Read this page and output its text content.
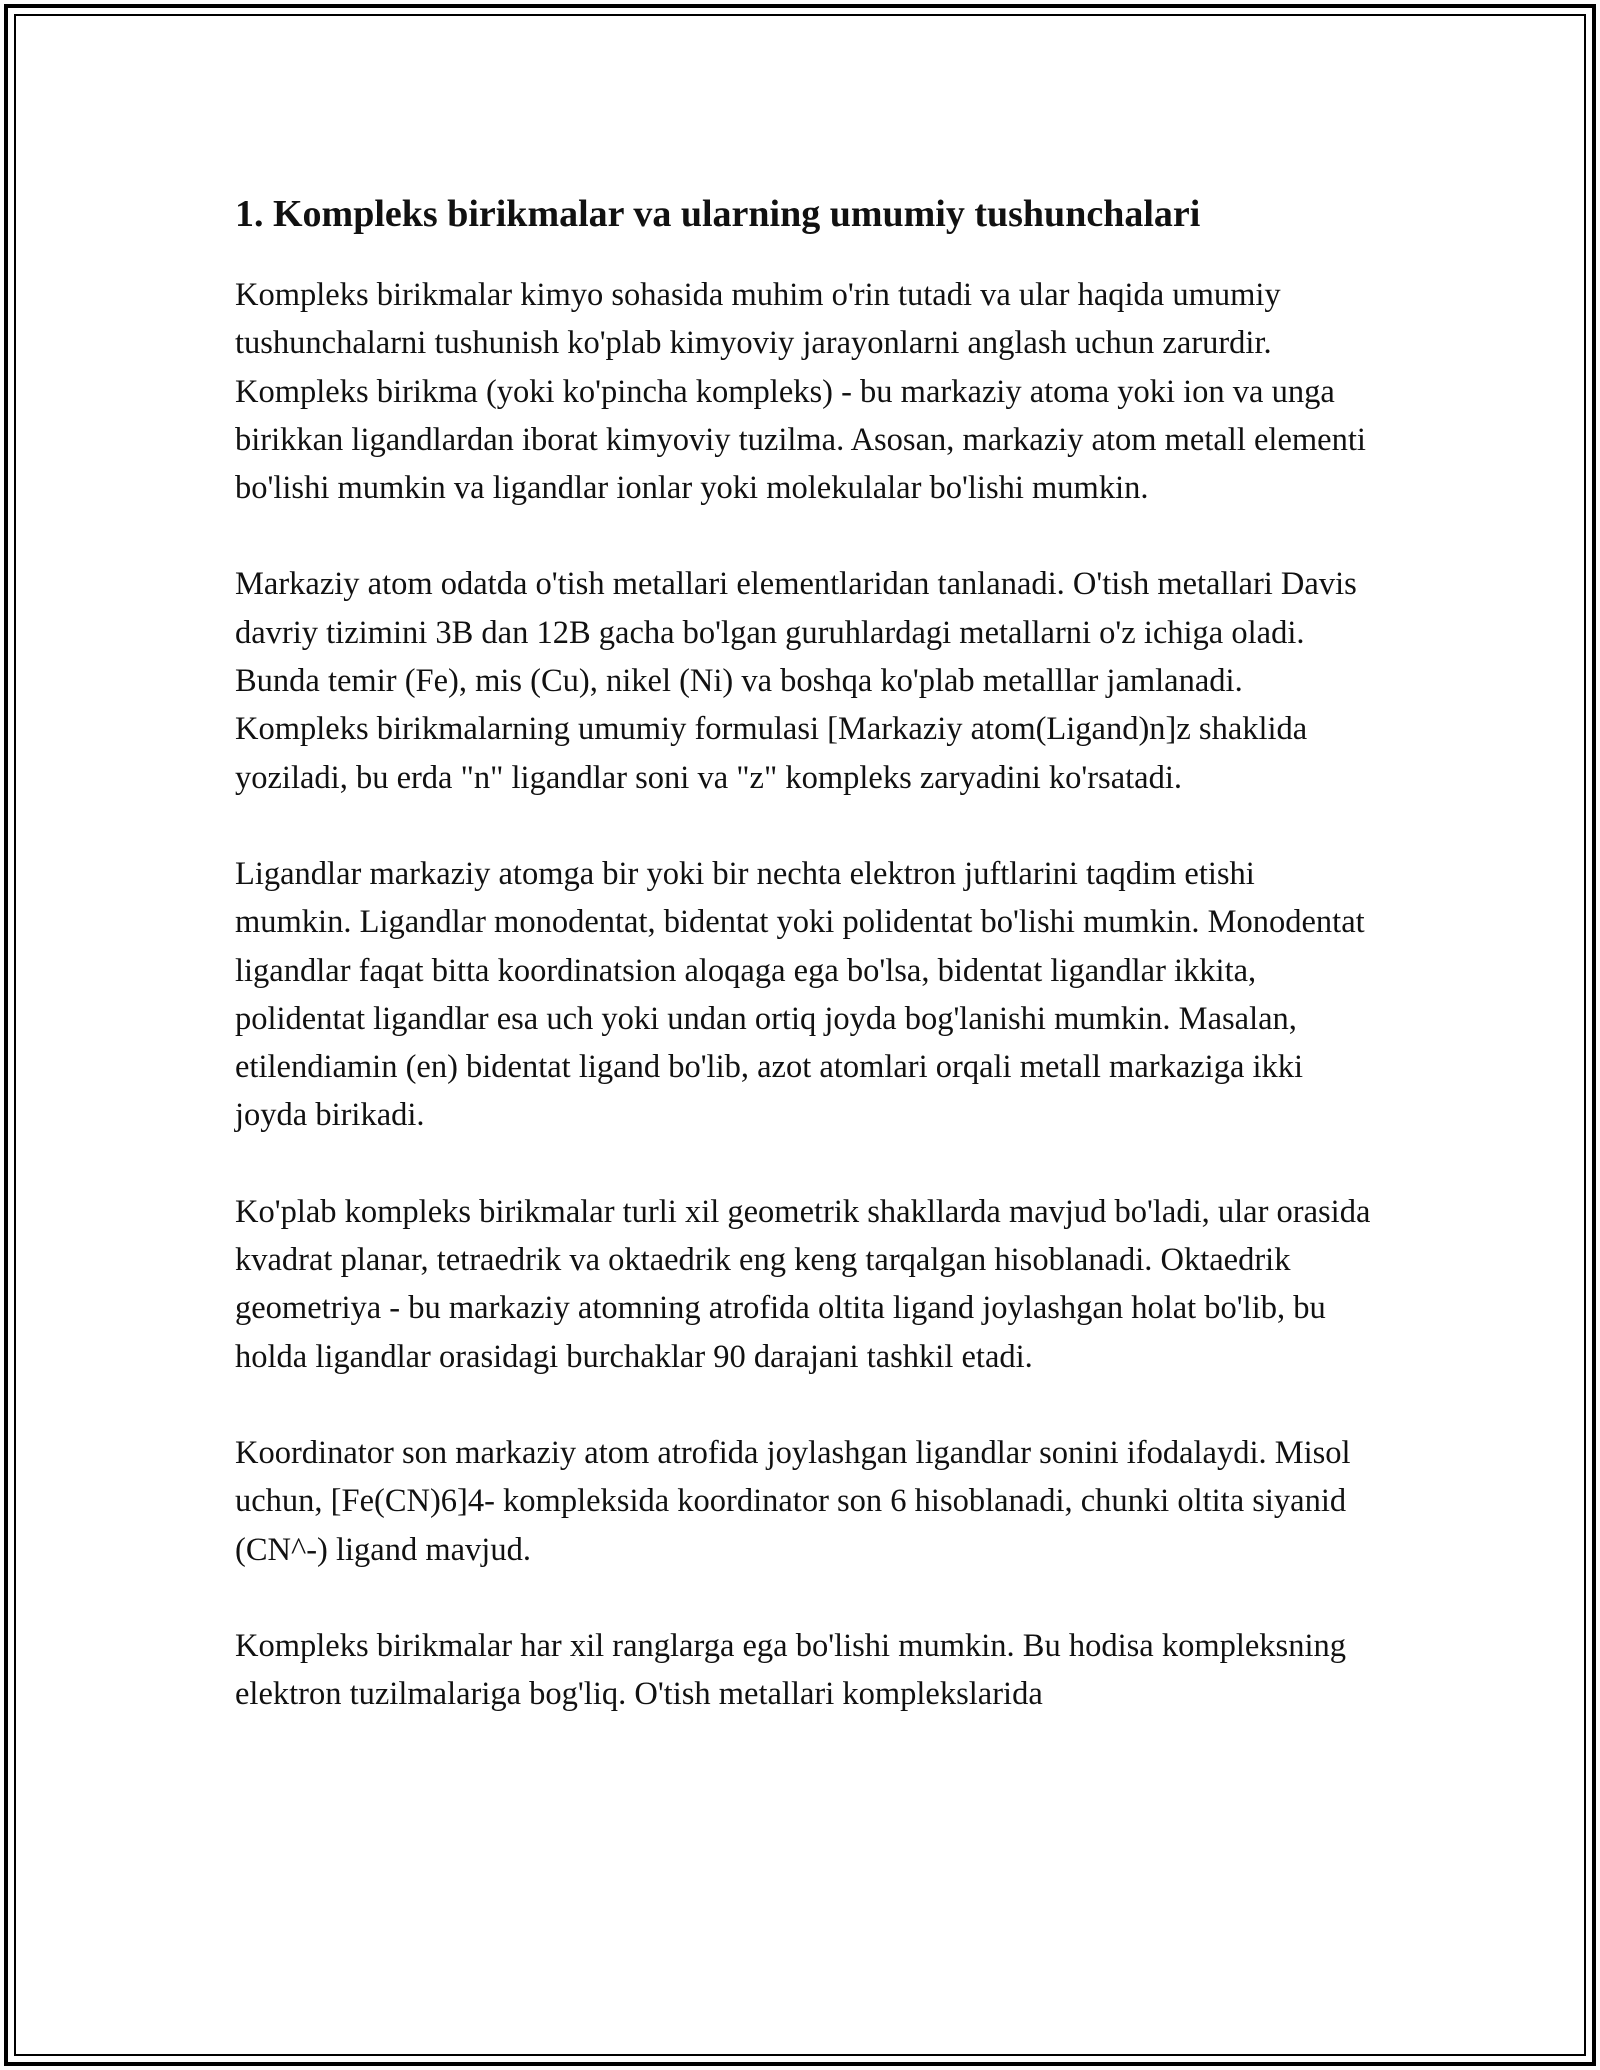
1. Kompleks birikmalar va ularning umumiy tushunchalari

Kompleks birikmalar kimyo sohasida muhim o'rin tutadi va ular haqida umumiy tushunchalarni tushunish ko'plab kimyoviy jarayonlarni anglash uchun zarurdir. Kompleks birikma (yoki ko'pincha kompleks) - bu markaziy atoma yoki ion va unga birikkan ligandlardan iborat kimyoviy tuzilma. Asosan, markaziy atom metall elementi bo'lishi mumkin va ligandlar ionlar yoki molekulalar bo'lishi mumkin.

Markaziy atom odatda o'tish metallari elementlaridan tanlanadi. O'tish metallari Davis davriy tizimini 3B dan 12B gacha bo'lgan guruhlardagi metallarni o'z ichiga oladi. Bunda temir (Fe), mis (Cu), nikel (Ni) va boshqa ko'plab metalllar jamlanadi. Kompleks birikmalarning umumiy formulasi [Markaziy atom(Ligand)n]z shaklida yoziladi, bu erda "n" ligandlar soni va "z" kompleks zaryadini ko'rsatadi.

Ligandlar markaziy atomga bir yoki bir nechta elektron juftlarini taqdim etishi mumkin. Ligandlar monodentat, bidentat yoki polidentat bo'lishi mumkin. Monodentat ligandlar faqat bitta koordinatsion aloqaga ega bo'lsa, bidentat ligandlar ikkita, polidentat ligandlar esa uch yoki undan ortiq joyda bog'lanishi mumkin. Masalan, etilendiamin (en) bidentat ligand bo'lib, azot atomlari orqali metall markaziga ikki joyda birikadi.

Ko'plab kompleks birikmalar turli xil geometrik shakllarda mavjud bo'ladi, ular orasida kvadrat planar, tetraedrik va oktaedrik eng keng tarqalgan hisoblanadi. Oktaedrik geometriya - bu markaziy atomning atrofida oltita ligand joylashgan holat bo'lib, bu holda ligandlar orasidagi burchaklar 90 darajani tashkil etadi.

Koordinator son markaziy atom atrofida joylashgan ligandlar sonini ifodalaydi. Misol uchun, [Fe(CN)6]4- kompleksida koordinator son 6 hisoblanadi, chunki oltita siyanid (CN^-) ligand mavjud.

Kompleks birikmalar har xil ranglarga ega bo'lishi mumkin. Bu hodisa kompleksning elektron tuzilmalariga bog'liq. O'tish metallari komplekslarida
